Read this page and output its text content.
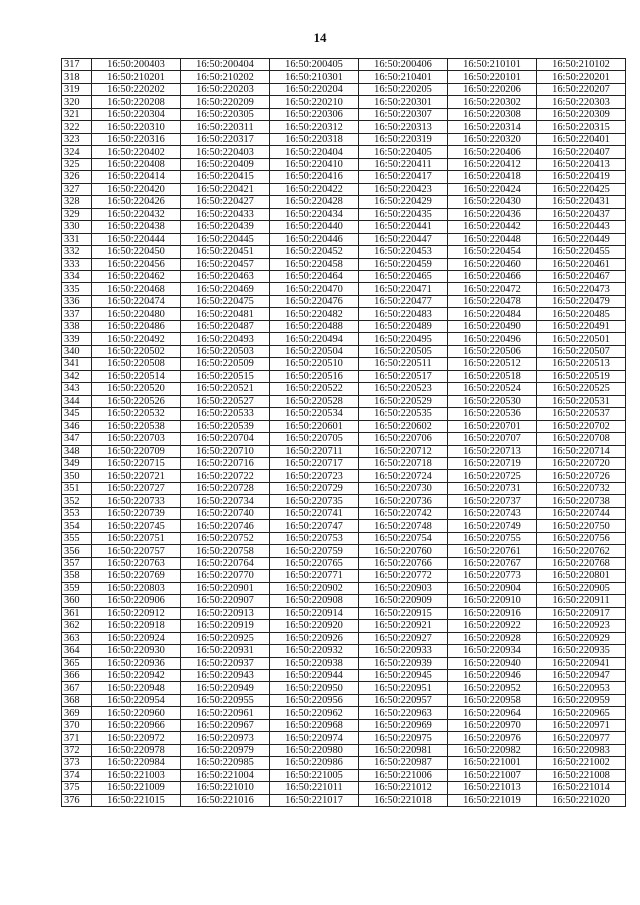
14
317	16:50:200403	16:50:200404	16:50:200405	16:50:200406	16:50:210101	16:50:210102
318	16:50:210201	16:50:210202	16:50:210301	16:50:210401	16:50:220101	16:50:220201
319	16:50:220202	16:50:220203	16:50:220204	16:50:220205	16:50:220206	16:50:220207
320	16:50:220208	16:50:220209	16:50:220210	16:50:220301	16:50:220302	16:50:220303
321	16:50:220304	16:50:220305	16:50:220306	16:50:220307	16:50:220308	16:50:220309
322	16:50:220310	16:50:220311	16:50:220312	16:50:220313	16:50:220314	16:50:220315
323	16:50:220316	16:50:220317	16:50:220318	16:50:220319	16:50:220320	16:50:220401
324	16:50:220402	16:50:220403	16:50:220404	16:50:220405	16:50:220406	16:50:220407
325	16:50:220408	16:50:220409	16:50:220410	16:50:220411	16:50:220412	16:50:220413
326	16:50:220414	16:50:220415	16:50:220416	16:50:220417	16:50:220418	16:50:220419
327	16:50:220420	16:50:220421	16:50:220422	16:50:220423	16:50:220424	16:50:220425
328	16:50:220426	16:50:220427	16:50:220428	16:50:220429	16:50:220430	16:50:220431
329	16:50:220432	16:50:220433	16:50:220434	16:50:220435	16:50:220436	16:50:220437
330	16:50:220438	16:50:220439	16:50:220440	16:50:220441	16:50:220442	16:50:220443
331	16:50:220444	16:50:220445	16:50:220446	16:50:220447	16:50:220448	16:50:220449
332	16:50:220450	16:50:220451	16:50:220452	16:50:220453	16:50:220454	16:50:220455
333	16:50:220456	16:50:220457	16:50:220458	16:50:220459	16:50:220460	16:50:220461
334	16:50:220462	16:50:220463	16:50:220464	16:50:220465	16:50:220466	16:50:220467
335	16:50:220468	16:50:220469	16:50:220470	16:50:220471	16:50:220472	16:50:220473
336	16:50:220474	16:50:220475	16:50:220476	16:50:220477	16:50:220478	16:50:220479
337	16:50:220480	16:50:220481	16:50:220482	16:50:220483	16:50:220484	16:50:220485
338	16:50:220486	16:50:220487	16:50:220488	16:50:220489	16:50:220490	16:50:220491
339	16:50:220492	16:50:220493	16:50:220494	16:50:220495	16:50:220496	16:50:220501
340	16:50:220502	16:50:220503	16:50:220504	16:50:220505	16:50:220506	16:50:220507
341	16:50:220508	16:50:220509	16:50:220510	16:50:220511	16:50:220512	16:50:220513
342	16:50:220514	16:50:220515	16:50:220516	16:50:220517	16:50:220518	16:50:220519
343	16:50:220520	16:50:220521	16:50:220522	16:50:220523	16:50:220524	16:50:220525
344	16:50:220526	16:50:220527	16:50:220528	16:50:220529	16:50:220530	16:50:220531
345	16:50:220532	16:50:220533	16:50:220534	16:50:220535	16:50:220536	16:50:220537
346	16:50:220538	16:50:220539	16:50:220601	16:50:220602	16:50:220701	16:50:220702
347	16:50:220703	16:50:220704	16:50:220705	16:50:220706	16:50:220707	16:50:220708
348	16:50:220709	16:50:220710	16:50:220711	16:50:220712	16:50:220713	16:50:220714
349	16:50:220715	16:50:220716	16:50:220717	16:50:220718	16:50:220719	16:50:220720
350	16:50:220721	16:50:220722	16:50:220723	16:50:220724	16:50:220725	16:50:220726
351	16:50:220727	16:50:220728	16:50:220729	16:50:220730	16:50:220731	16:50:220732
352	16:50:220733	16:50:220734	16:50:220735	16:50:220736	16:50:220737	16:50:220738
353	16:50:220739	16:50:220740	16:50:220741	16:50:220742	16:50:220743	16:50:220744
354	16:50:220745	16:50:220746	16:50:220747	16:50:220748	16:50:220749	16:50:220750
355	16:50:220751	16:50:220752	16:50:220753	16:50:220754	16:50:220755	16:50:220756
356	16:50:220757	16:50:220758	16:50:220759	16:50:220760	16:50:220761	16:50:220762
357	16:50:220763	16:50:220764	16:50:220765	16:50:220766	16:50:220767	16:50:220768
358	16:50:220769	16:50:220770	16:50:220771	16:50:220772	16:50:220773	16:50:220801
359	16:50:220803	16:50:220901	16:50:220902	16:50:220903	16:50:220904	16:50:220905
360	16:50:220906	16:50:220907	16:50:220908	16:50:220909	16:50:220910	16:50:220911
361	16:50:220912	16:50:220913	16:50:220914	16:50:220915	16:50:220916	16:50:220917
362	16:50:220918	16:50:220919	16:50:220920	16:50:220921	16:50:220922	16:50:220923
363	16:50:220924	16:50:220925	16:50:220926	16:50:220927	16:50:220928	16:50:220929
364	16:50:220930	16:50:220931	16:50:220932	16:50:220933	16:50:220934	16:50:220935
365	16:50:220936	16:50:220937	16:50:220938	16:50:220939	16:50:220940	16:50:220941
366	16:50:220942	16:50:220943	16:50:220944	16:50:220945	16:50:220946	16:50:220947
367	16:50:220948	16:50:220949	16:50:220950	16:50:220951	16:50:220952	16:50:220953
368	16:50:220954	16:50:220955	16:50:220956	16:50:220957	16:50:220958	16:50:220959
369	16:50:220960	16:50:220961	16:50:220962	16:50:220963	16:50:220964	16:50:220965
370	16:50:220966	16:50:220967	16:50:220968	16:50:220969	16:50:220970	16:50:220971
371	16:50:220972	16:50:220973	16:50:220974	16:50:220975	16:50:220976	16:50:220977
372	16:50:220978	16:50:220979	16:50:220980	16:50:220981	16:50:220982	16:50:220983
373	16:50:220984	16:50:220985	16:50:220986	16:50:220987	16:50:221001	16:50:221002
374	16:50:221003	16:50:221004	16:50:221005	16:50:221006	16:50:221007	16:50:221008
375	16:50:221009	16:50:221010	16:50:221011	16:50:221012	16:50:221013	16:50:221014
376	16:50:221015	16:50:221016	16:50:221017	16:50:221018	16:50:221019	16:50:221020
